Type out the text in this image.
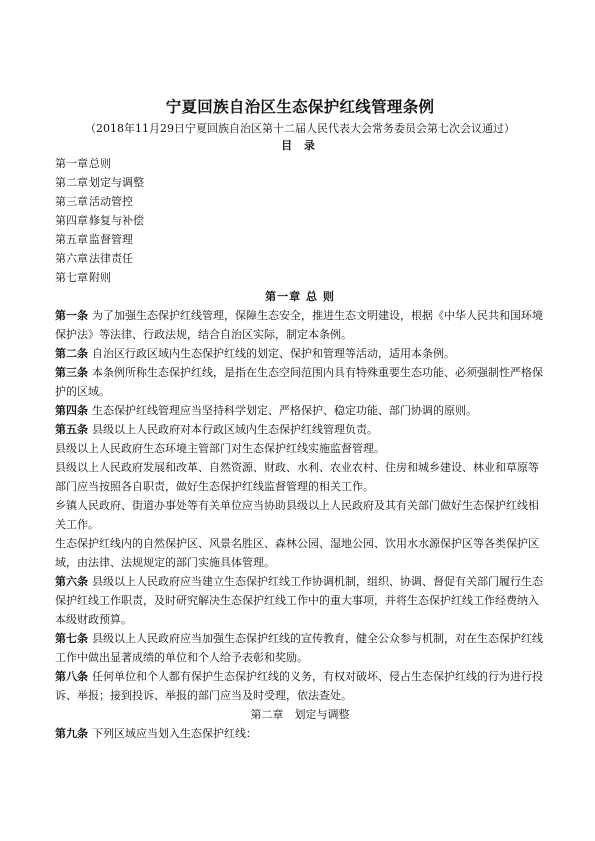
宁夏回族自治区生态保护红线管理条例
（2018年11月29日宁夏回族自治区第十二届人民代表大会常务委员会第七次会议通过）
目 录
第一章总则
第二章划定与调整
第三章活动管控
第四章修复与补偿
第五章监督管理
第六章法律责任
第七章附则
第一章 总 则

第一条 为了加强生态保护红线管理，保障生态安全，推进生态文明建设，根据《中华人民共和国环境保护法》等法律、行政法规，结合自治区实际，制定本条例。

第二条 自治区行政区域内生态保护红线的划定、保护和管理等活动，适用本条例。

第三条 本条例所称生态保护红线，是指在生态空间范围内具有特殊重要生态功能、必须强制性严格保护的区域。

第四条 生态保护红线管理应当坚持科学划定、严格保护、稳定功能、部门协调的原则。

第五条 县级以上人民政府对本行政区域内生态保护红线管理负责。

县级以上人民政府生态环境主管部门对生态保护红线实施监督管理。

县级以上人民政府发展和改革、自然资源、财政、水利、农业农村、住房和城乡建设、林业和草原等部门应当按照各自职责，做好生态保护红线监督管理的相关工作。

乡镇人民政府、街道办事处等有关单位应当协助县级以上人民政府及其有关部门做好生态保护红线相关工作。

生态保护红线内的自然保护区、风景名胜区、森林公园、湿地公园、饮用水水源保护区等各类保护区域，由法律、法规规定的部门实施具体管理。

第六条 县级以上人民政府应当建立生态保护红线工作协调机制，组织、协调、督促有关部门履行生态保护红线工作职责，及时研究解决生态保护红线工作中的重大事项，并将生态保护红线工作经费纳入本级财政预算。

第七条 县级以上人民政府应当加强生态保护红线的宣传教育，健全公众参与机制，对在生态保护红线工作中做出显著成绩的单位和个人给予表彰和奖励。

第八条 任何单位和个人都有保护生态保护红线的义务，有权对破坏、侵占生态保护红线的行为进行投诉、举报；接到投诉、举报的部门应当及时受理，依法查处。

第二章　划定与调整

第九条 下列区域应当划入生态保护红线：
